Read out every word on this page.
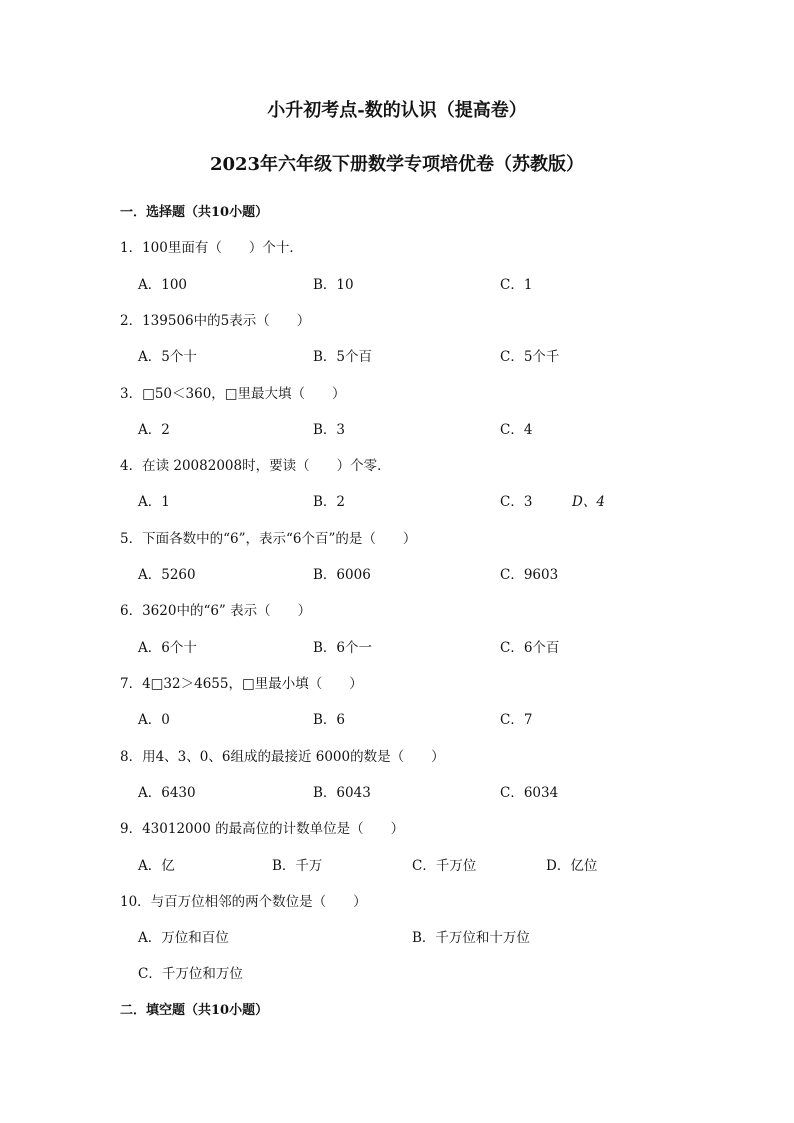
小升初考点-数的认识（提高卷）
2023年六年级下册数学专项培优卷（苏教版）
一．选择题（共10小题）
1．100里面有（　　）个十．
A．100	B．10	C．1
2．139506中的5表示（　　）
A．5个十	B．5个百	C．5个千
3．□50＜360，□里最大填（　　）
A．2	B．3	C．4
4．在读 20082008时，要读（　　）个零．
A．1	B．2	C．3	D、4
5．下面各数中的“6”，表示“6个百”的是（　　）
A．5260	B．6006	C．9603
6．3620中的“6” 表示（　　）
A．6个十	B．6个一	C．6个百
7．4□32＞4655，□里最小填（　　）
A．0	B．6	C．7
8．用4、3、0、6组成的最接近 6000的数是（　　）
A．6430	B．6043	C．6034
9．43012000 的最高位的计数单位是（　　）
A．亿	B．千万	C．千万位	D．亿位
10．与百万位相邻的两个数位是（　　）
A．万位和百位	B．千万位和十万位
C．千万位和万位
二．填空题（共10小题）
